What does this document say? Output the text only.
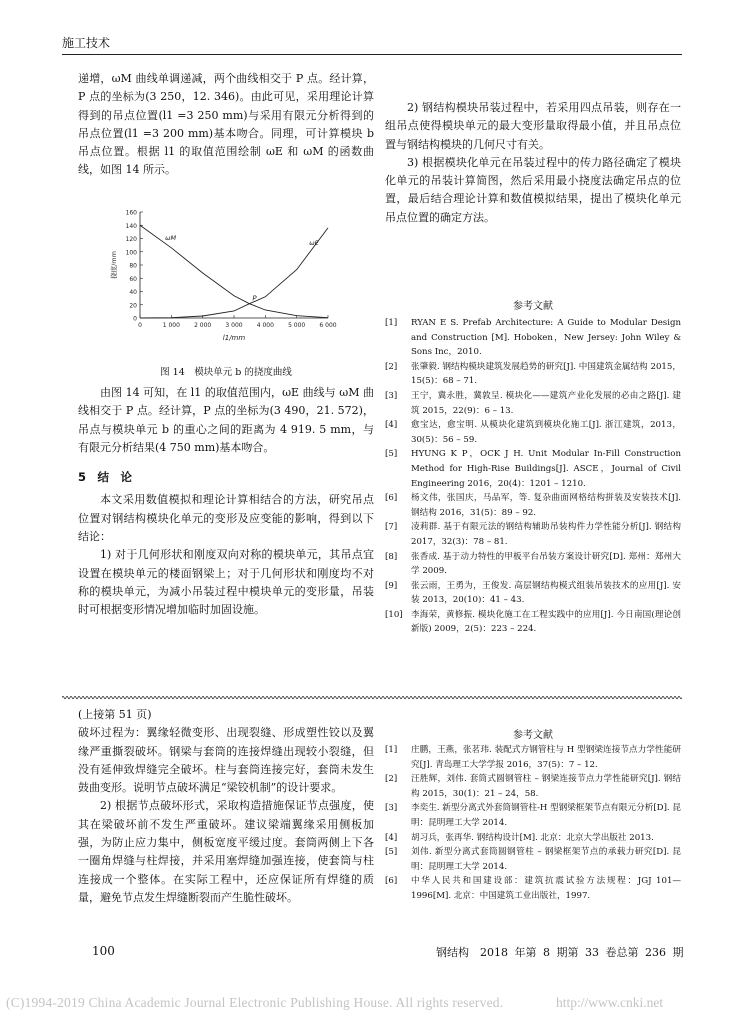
施工技术

递增，ωM 曲线单调递减，两个曲线相交于 P 点。经计算，P 点的坐标为(3 250，12. 346)。由此可见，采用理论计算得到的吊点位置(l1 =3 250 mm)与采用有限元分析得到的吊点位置(l1 =3 200 mm)基本吻合。同理，可计算模块 b 吊点位置。根据 l1 的取值范围绘制 ωE 和 ωM 的函数曲线，如图 14 所示。

0
20
40
60
80
100
120
140
160
0	1 000 2 000 3 000 4 000 5 000 6 000
挠度/mm
l1/mm
ωE
ωM
P
图 14　模块单元 b 的挠度曲线

由图 14 可知，在 l1 的取值范围内，ωE 曲线与 ωM 曲线相交于 P 点。经计算，P 点的坐标为(3 490，21. 572)，吊点与模块单元 b 的重心之间的距离为 4 919. 5 mm，与有限元分析结果(4 750 mm)基本吻合。

5　结　论

本文采用数值模拟和理论计算相结合的方法，研究吊点位置对钢结构模块化单元的变形及应变能的影响，得到以下结论：

1) 对于几何形状和刚度双向对称的模块单元，其吊点宜设置在模块单元的楼面钢梁上；对于几何形状和刚度均不对称的模块单元，为减小吊装过程中模块单元的变形量，吊装时可根据变形情况增加临时加固设施。

2) 钢结构模块吊装过程中，若采用四点吊装，则存在一组吊点使得模块单元的最大变形量取得最小值，并且吊点位置与钢结构模块的几何尺寸有关。

3) 根据模块化单元在吊装过程中的传力路径确定了模块化单元的吊装计算简图，然后采用最小挠度法确定吊点的位置，最后结合理论计算和数值模拟结果，提出了模块化单元吊点位置的确定方法。

参考文献
[1]	RYAN E S. Prefab Architecture: A Guide to Modular Design and Construction [M]. Hoboken，New Jersey: John Wiley & Sons Inc，2010.
[2]	张肇毅. 钢结构模块建筑发展趋势的研究[J]. 中国建筑金属结构 2015，15(5)：68 – 71.
[3]	王宁，冀永胜，冀敦呈. 模块化——建筑产业化发展的必由之路[J]. 建筑 2015，22(9)：6 – 13.
[4]	愈宝达，愈宝明. 从模块化建筑到模块化施工[J]. 浙江建筑，2013，30(5)：56 – 59.
[5]	HYUNG K P，OCK J H. Unit Modular In-Fill Construction Method for High-Rise Buildings[J]. ASCE，Journal of Civil Engineering 2016，20(4)：1201 – 1210.
[6]	杨文伟，张国庆，马品军，等. 复杂曲面网格结构拼装及安装技术[J]. 钢结构 2016，31(5)：89 – 92.
[7]	凌莉群. 基于有限元法的钢结构辅助吊装构件力学性能分析[J]. 钢结构 2017，32(3)：78 – 81.
[8]	张香成. 基于动力特性的甲板平台吊装方案设计研究[D]. 郑州：郑州大学 2009.
[9]	张云雨，王勇为，王俊发. 高层钢结构模式组装吊装技术的应用[J]. 安装 2013，20(10)：41 – 43.
[10] 李海荣，黄修振. 模块化施工在工程实践中的应用[J]. 今日南国(理论创新版) 2009，2(5)：223 – 224.

(上接第 51 页)

破坏过程为：翼缘轻微变形、出现裂缝、形成塑性铰以及翼缘严重撕裂破坏。钢梁与套筒的连接焊缝出现较小裂缝，但没有延伸致焊缝完全破坏。柱与套筒连接完好，套筒未发生鼓曲变形。说明节点破坏满足“梁铰机制”的设计要求。

2) 根据节点破坏形式，采取构造措施保证节点强度，使其在梁破坏前不发生严重破坏。建议梁端翼缘采用侧板加强，为防止应力集中，侧板宽度平缓过度。套筒两侧上下各一圈角焊缝与柱焊接，并采用塞焊缝加强连接，使套筒与柱连接成一个整体。在实际工程中，还应保证所有焊缝的质量，避免节点发生焊缝断裂而产生脆性破坏。

参考文献
[1]	庄鹏，王燕，张茗玮. 装配式方钢管柱与 H 型钢梁连接节点力学性能研究[J]. 青岛理工大学学报 2016，37(5)：7 – 12.
[2]	汪胜辉，刘伟. 套筒式圆钢管柱 – 钢梁连接节点力学性能研究[J]. 钢结构 2015，30(1)：21 – 24，58.
[3]	李奕生. 新型分离式外套筒钢管柱-H 型钢梁框架节点有限元分析[D]. 昆明：昆明理工大学 2014.
[4]	胡习兵，张再华. 钢结构设计[M]. 北京：北京大学出版社 2013.
[5]	刘伟. 新型分离式套筒圆钢管柱 – 钢梁框架节点的承载力研究[D]. 昆明：昆明理工大学 2014.
[6]	中华人民共和国建设部：建筑抗震试验方法规程：JGJ 101—1996[M]. 北京：中国建筑工业出版社，1997.
100	钢结构　2018 年第 8 期第 33 卷总第 236 期
(C)1994-2019 China Academic Journal Electronic Publishing House. All rights reserved.	http://www.cnki.net
